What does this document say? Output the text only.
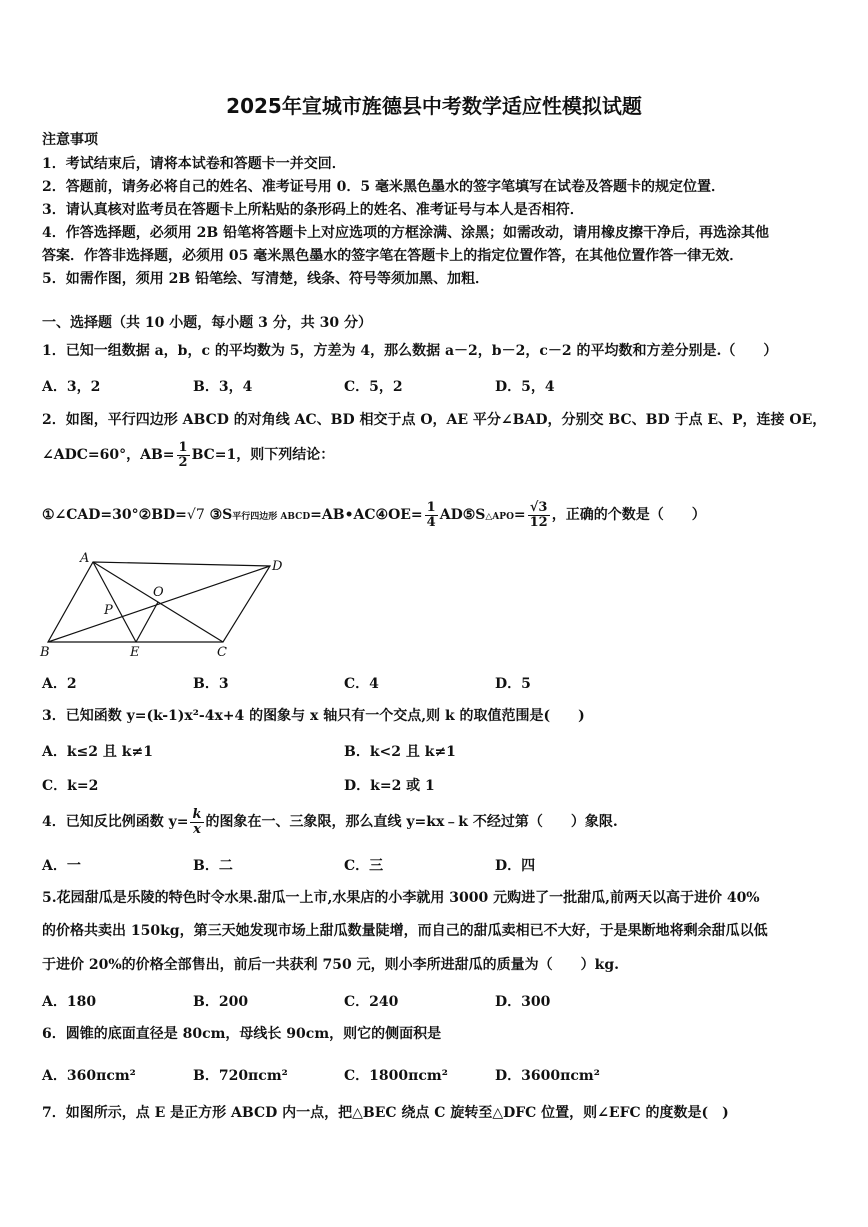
2025年宣城市旌德县中考数学适应性模拟试题
注意事项
1．考试结束后，请将本试卷和答题卡一并交回．
2．答题前，请务必将自己的姓名、准考证号用 0．5 毫米黑色墨水的签字笔填写在试卷及答题卡的规定位置．
3．请认真核对监考员在答题卡上所粘贴的条形码上的姓名、准考证号与本人是否相符．
4．作答选择题，必须用 2B 铅笔将答题卡上对应选项的方框涂满、涂黑；如需改动，请用橡皮擦干净后，再选涂其他
答案．作答非选择题，必须用 05 毫米黑色墨水的签字笔在答题卡上的指定位置作答，在其他位置作答一律无效．
5．如需作图，须用 2B 铅笔绘、写清楚，线条、符号等须加黑、加粗．
一、选择题（共 10 小题，每小题 3 分，共 30 分）
1．已知一组数据 a，b，c 的平均数为 5，方差为 4，那么数据 a－2，b－2，c－2 的平均数和方差分别是.（　　）
A．3，2	B．3，4	C．5，2	D．5，4
2．如图，平行四边形 ABCD 的对角线 AC、BD 相交于点 O，AE 平分∠BAD，分别交 BC、BD 于点 E、P，连接 OE，
∠ADC=60°，$AB= \frac{1}{2} BC=1$，则下列结论：
①∠CAD=30°②BD=√7 ③S平行四边形 ABCD=AB•AC④OE= $\frac{1}{4}$ AD⑤S△APO= $\frac{√3}{12}$ ，正确的个数是（　　）
A
D
O
P
B	E	C
A．2	B．3	C．4	D．5
3．已知函数 y=(k-1)x²-4x+4 的图象与 x 轴只有一个交点,则 k 的取值范围是(　　)
A．k≤2 且 k≠1	B．k<2 且 k≠1
C．k=2	D．k=2 或 1
4．已知反比例函数 $y= \frac{k}{x}$ 的图象在一、三象限，那么直线 y=kx﹣k 不经过第（　　）象限.
A．一	B．二	C．三	D．四
5.花园甜瓜是乐陵的特色时令水果.甜瓜一上市,水果店的小李就用 3000 元购进了一批甜瓜,前两天以高于进价 40%
的价格共卖出 150kg，第三天她发现市场上甜瓜数量陡增，而自己的甜瓜卖相已不大好，于是果断地将剩余甜瓜以低
于进价 20%的价格全部售出，前后一共获利 750 元，则小李所进甜瓜的质量为（　　）kg.
A．180	B．200	C．240	D．300
6．圆锥的底面直径是 80cm，母线长 90cm，则它的侧面积是
A．360πcm²	B．720πcm²	C．1800πcm²	D．3600πcm²
7．如图所示，点 E 是正方形 ABCD 内一点，把△BEC 绕点 C 旋转至△DFC 位置，则∠EFC 的度数是(　)
